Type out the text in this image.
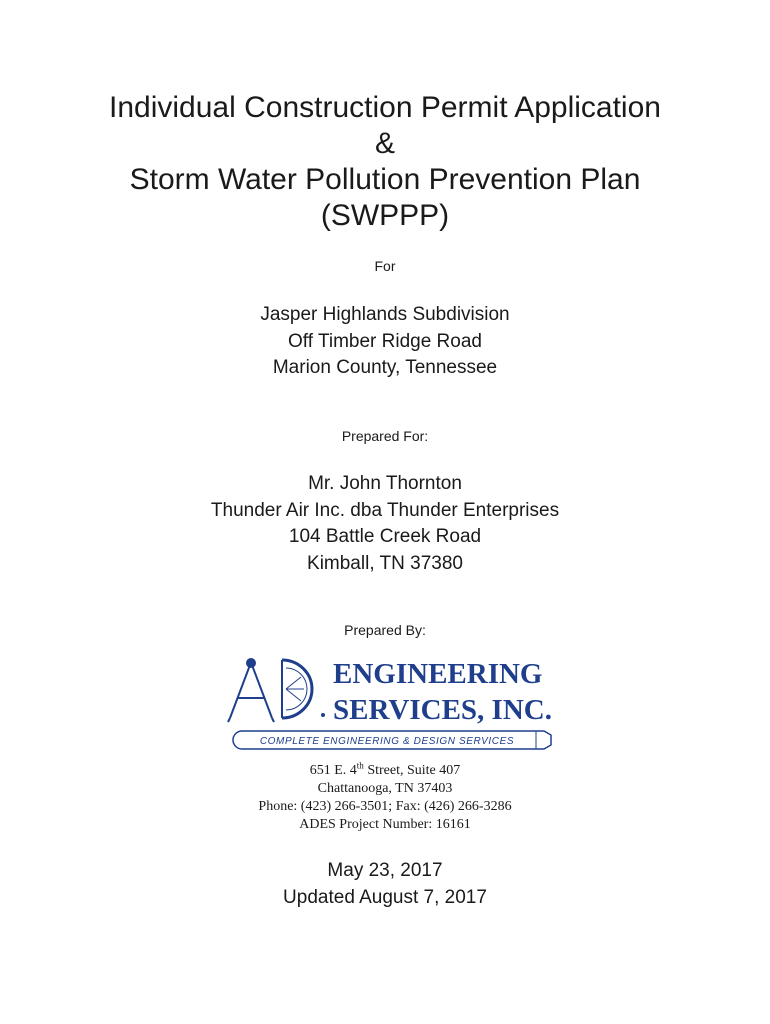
Individual Construction Permit Application
&
Storm Water Pollution Prevention Plan
(SWPPP)
For
Jasper Highlands Subdivision
Off Timber Ridge Road
Marion County, Tennessee
Prepared For:
Mr. John Thornton
Thunder Air Inc. dba Thunder Enterprises
104 Battle Creek Road
Kimball, TN 37380
Prepared By:
ENGINEERING
SERVICES, INC.
COMPLETE ENGINEERING & DESIGN SERVICES
651 E. 4th Street, Suite 407
Chattanooga, TN 37403
Phone: (423) 266-3501; Fax: (426) 266-3286
ADES Project Number: 16161
May 23, 2017
Updated August 7, 2017
